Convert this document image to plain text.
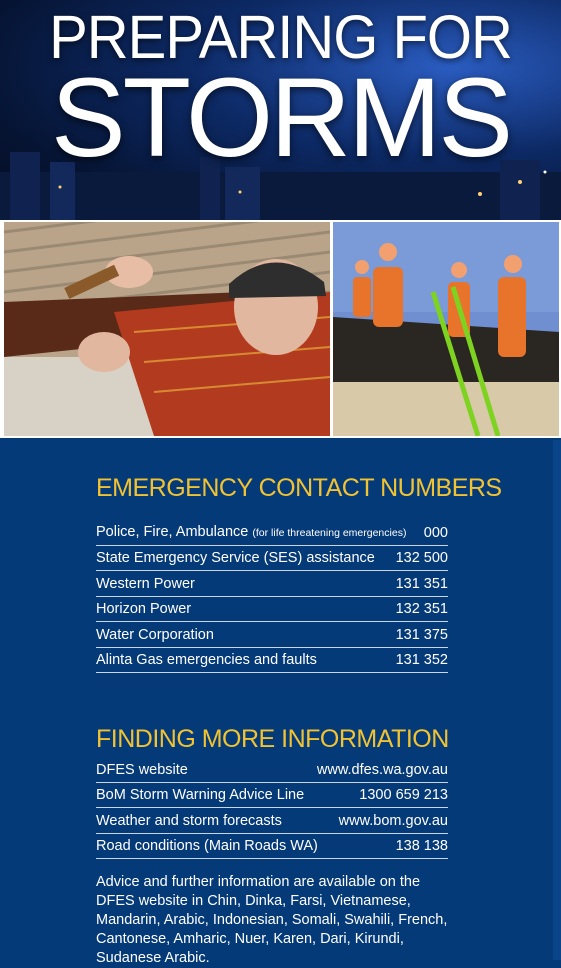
PREPARING FOR
STORMS
EMERGENCY CONTACT NUMBERS
Police, Fire, Ambulance (for life threatening emergencies) 000
State Emergency Service (SES) assistance 132 500
Western Power	131 351
Horizon Power	132 351
Water Corporation	131 375
Alinta Gas emergencies and faults	131 352
FINDING MORE INFORMATION
DFES website	www.dfes.wa.gov.au
BoM Storm Warning Advice Line	1300 659 213
Weather and storm forecasts	www.bom.gov.au
Road conditions (Main Roads WA)	138 138
Advice and further information are available on the DFES website in Chin, Dinka, Farsi, Vietnamese, Mandarin, Arabic, Indonesian, Somali, Swahili, French, Cantonese, Amharic, Nuer, Karen, Dari, Kirundi, Sudanese Arabic.
